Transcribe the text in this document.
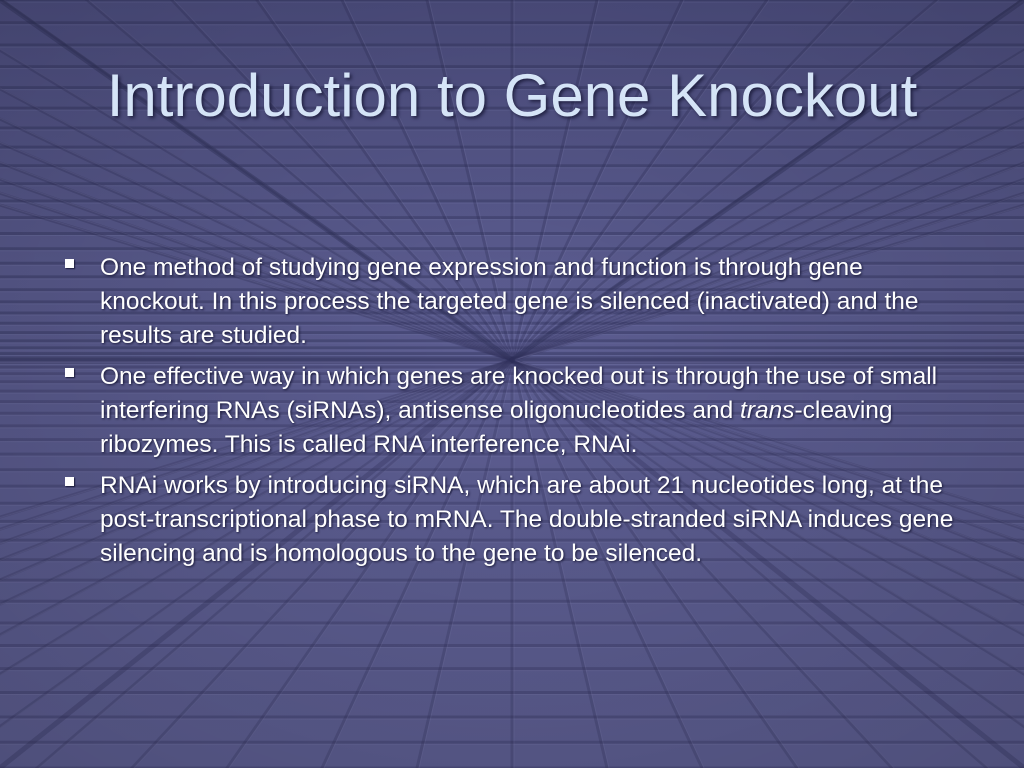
Introduction to Gene Knockout
One method of studying gene expression and function is through gene knockout. In this process the targeted gene is silenced (inactivated) and the results are studied.
One effective way in which genes are knocked out is through the use of small interfering RNAs (siRNAs), antisense oligonucleotides and trans-cleaving ribozymes. This is called RNA interference, RNAi.
RNAi works by introducing siRNA, which are about 21 nucleotides long, at the post-transcriptional phase to mRNA. The double-stranded siRNA induces gene silencing and is homologous to the gene to be silenced.
